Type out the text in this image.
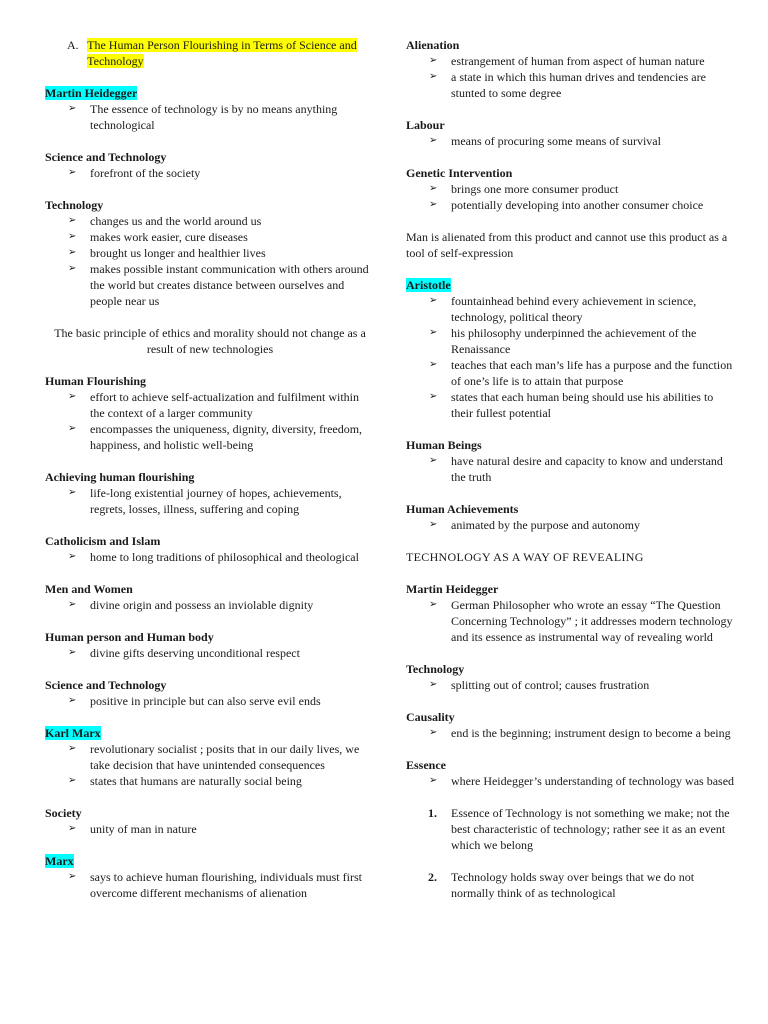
A. The Human Person Flourishing in Terms of Science and Technology
Martin Heidegger
➢ The essence of technology is by no means anything technological
Science and Technology
➢ forefront of the society
Technology
➢ changes us and the world around us
➢ makes work easier, cure diseases
➢ brought us longer and healthier lives
➢ makes possible instant communication with others around the world but creates distance between ourselves and people near us
The basic principle of ethics and morality should not change as a result of new technologies
Human Flourishing
➢ effort to achieve self-actualization and fulfilment within the context of a larger community
➢ encompasses the uniqueness, dignity, diversity, freedom, happiness, and holistic well-being
Achieving human flourishing
➢ life-long existential journey of hopes, achievements, regrets, losses, illness, suffering and coping
Catholicism and Islam
➢ home to long traditions of philosophical and theological
Men and Women
➢ divine origin and possess an inviolable dignity
Human person and Human body
➢ divine gifts deserving unconditional respect
Science and Technology
➢ positive in principle but can also serve evil ends
Karl Marx
➢ revolutionary socialist ; posits that in our daily lives, we take decision that have unintended consequences
➢ states that humans are naturally social being
Society
➢ unity of man in nature
Marx
➢ says to achieve human flourishing, individuals must first overcome different mechanisms of alienation
Alienation
➢ estrangement of human from aspect of human nature
➢ a state in which this human drives and tendencies are stunted to some degree
Labour
➢ means of procuring some means of survival
Genetic Intervention
➢ brings one more consumer product
➢ potentially developing into another consumer choice
Man is alienated from this product and cannot use this product as a tool of self-expression
Aristotle
➢ fountainhead behind every achievement in science, technology, political theory
➢ his philosophy underpinned the achievement of the Renaissance
➢ teaches that each man’s life has a purpose and the function of one’s life is to attain that purpose
➢ states that each human being should use his abilities to their fullest potential
Human Beings
➢ have natural desire and capacity to know and understand the truth
Human Achievements
➢ animated by the purpose and autonomy
TECHNOLOGY AS A WAY OF REVEALING
Martin Heidegger
➢ German Philosopher who wrote an essay “The Question Concerning Technology” ; it addresses modern technology and its essence as instrumental way of revealing world
Technology
➢ splitting out of control; causes frustration
Causality
➢ end is the beginning; instrument design to become a being
Essence
➢ where Heidegger’s understanding of technology was based
1. Essence of Technology is not something we make; not the best characteristic of technology; rather see it as an event which we belong
2. Technology holds sway over beings that we do not normally think of as technological
